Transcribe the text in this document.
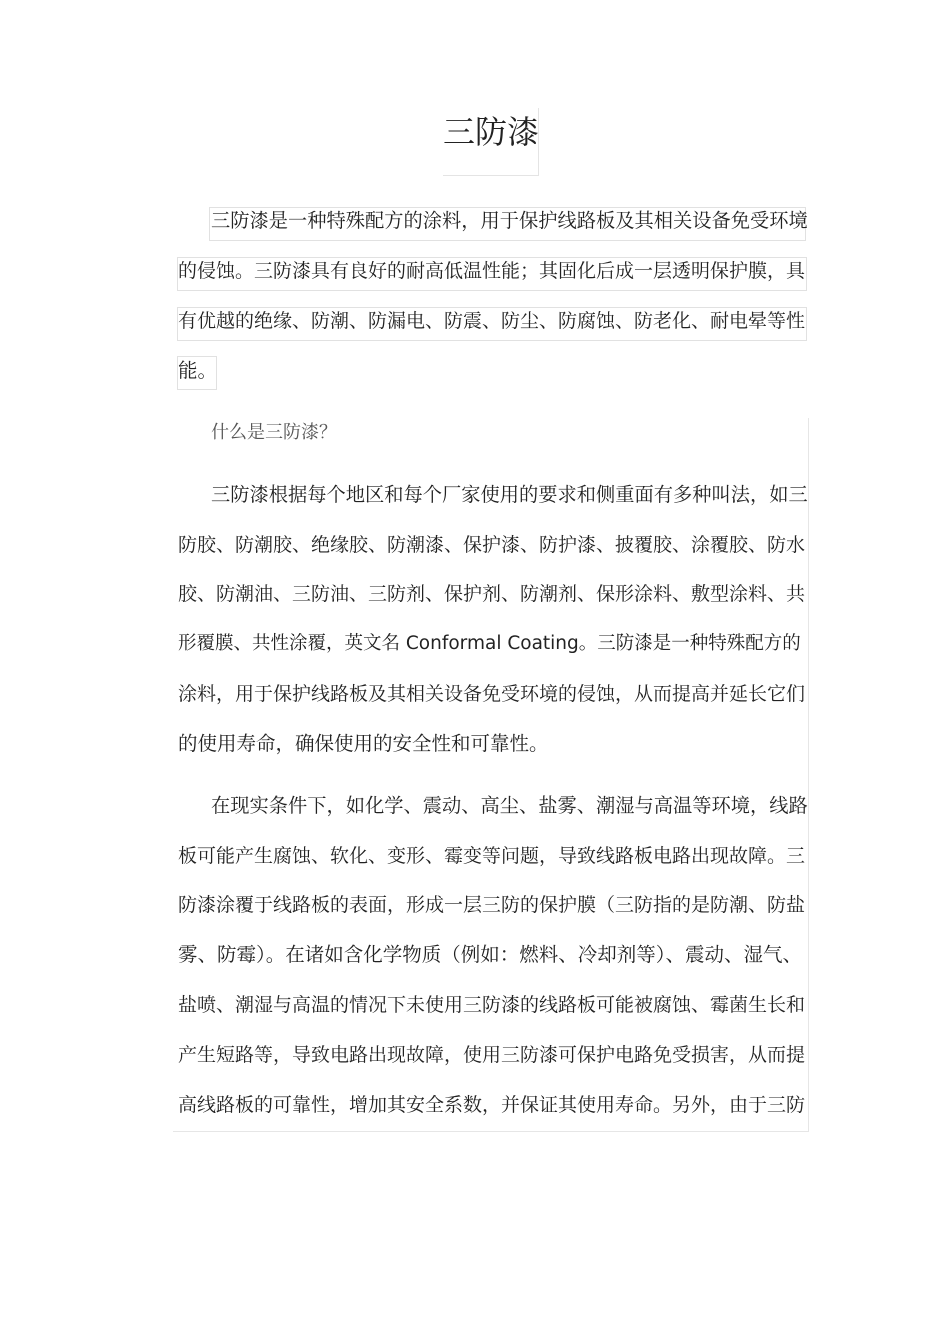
三防漆

三防漆是一种特殊配方的涂料，用于保护线路板及其相关设备免受环境

的侵蚀。三防漆具有良好的耐高低温性能；其固化后成一层透明保护膜，具

有优越的绝缘、防潮、防漏电、防震、防尘、防腐蚀、防老化、耐电晕等性

能。

什么是三防漆？

三防漆根据每个地区和每个厂家使用的要求和侧重面有多种叫法，如三

防胶、防潮胶、绝缘胶、防潮漆、保护漆、防护漆、披覆胶、涂覆胶、防水

胶、防潮油、三防油、三防剂、保护剂、防潮剂、保形涂料、敷型涂料、共

形覆膜、共性涂覆，英文名 Conformal Coating。三防漆是一种特殊配方的

涂料，用于保护线路板及其相关设备免受环境的侵蚀，从而提高并延长它们

的使用寿命，确保使用的安全性和可靠性。

在现实条件下，如化学、震动、高尘、盐雾、潮湿与高温等环境，线路

板可能产生腐蚀、软化、变形、霉变等问题，导致线路板电路出现故障。三

防漆涂覆于线路板的表面，形成一层三防的保护膜（三防指的是防潮、防盐

雾、防霉）。在诸如含化学物质（例如：燃料、冷却剂等）、震动、湿气、

盐喷、潮湿与高温的情况下未使用三防漆的线路板可能被腐蚀、霉菌生长和

产生短路等，导致电路出现故障，使用三防漆可保护电路免受损害，从而提

高线路板的可靠性，增加其安全系数，并保证其使用寿命。另外，由于三防
